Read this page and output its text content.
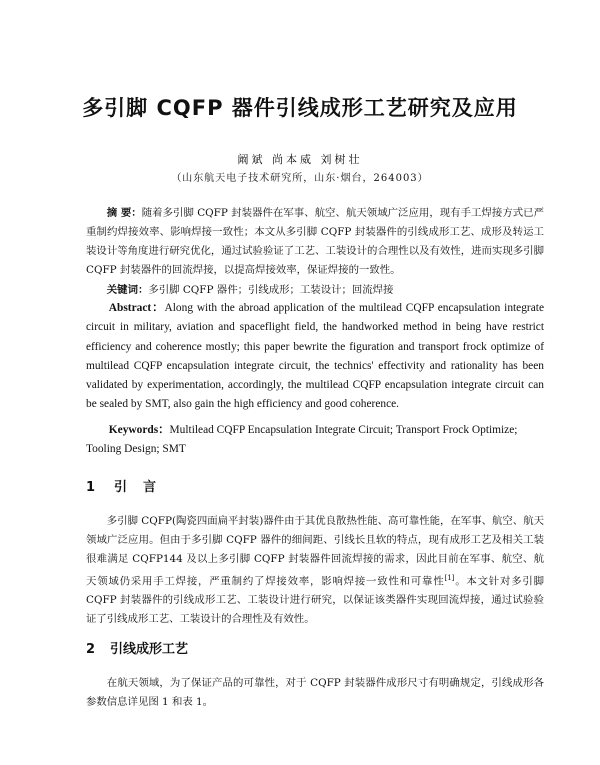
多引脚 CQFP 器件引线成形工艺研究及应用
阚斌 尚本威 刘树壮
（山东航天电子技术研究所，山东·烟台，264003）
摘 要：随着多引脚 CQFP 封装器件在军事、航空、航天领域广泛应用，现有手工焊接方式已严重制约焊接效率、影响焊接一致性；本文从多引脚 CQFP 封装器件的引线成形工艺、成形及转运工装设计等角度进行研究优化，通过试验验证了工艺、工装设计的合理性以及有效性，进而实现多引脚 CQFP 封装器件的回流焊接，以提高焊接效率，保证焊接的一致性。
关键词：多引脚 CQFP 器件；引线成形；工装设计；回流焊接
Abstract：Along with the abroad application of the multilead CQFP encapsulation integrate circuit in military, aviation and spaceflight field, the handworked method in being have restrict efficiency and coherence mostly; this paper bewrite the figuration and transport frock optimize of multilead CQFP encapsulation integrate circuit, the technics' effectivity and rationality has been validated by experimentation, accordingly, the multilead CQFP encapsulation integrate circuit can be sealed by SMT, also gain the high efficiency and good coherence.
Keywords：Multilead CQFP Encapsulation Integrate Circuit; Transport Frock Optimize; Tooling Design; SMT
1 引言
多引脚 CQFP(陶瓷四面扁平封装)器件由于其优良散热性能、高可靠性能，在军事、航空、航天领域广泛应用。但由于多引脚 CQFP 器件的细间距、引线长且软的特点，现有成形工艺及相关工装很难满足 CQFP144 及以上多引脚 CQFP 封装器件回流焊接的需求，因此目前在军事、航空、航天领域仍采用手工焊接，严重制约了焊接效率，影响焊接一致性和可靠性[1]。本文针对多引脚 CQFP 封装器件的引线成形工艺、工装设计进行研究，以保证该类器件实现回流焊接，通过试验验证了引线成形工艺、工装设计的合理性及有效性。
2 引线成形工艺
在航天领域，为了保证产品的可靠性，对于 CQFP 封装器件成形尺寸有明确规定，引线成形各参数信息详见图 1 和表 1。
